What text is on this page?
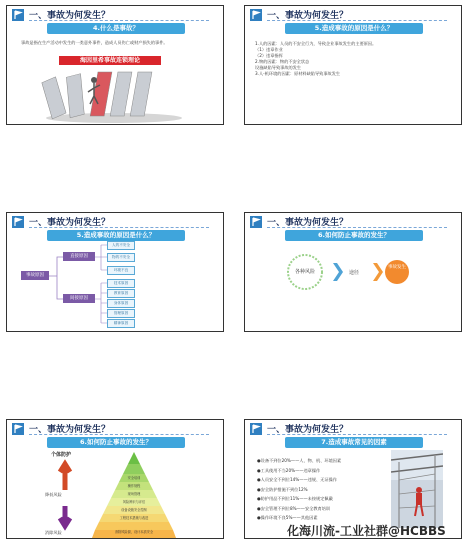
一、事故为何发生？
4.什么是事故？
事故是指在生产活动中发生的一类意外事件，造成人员伤亡或财产损失的事件。
海因里希事故连锁理论
一、事故为何发生？
5.造成事故的原因是什么？
1.人的因素：人员的不安全行为，导致企业事故发生的主要原因。
（1）违章作业
（2）违章指挥
2.物的因素：物的不安全状态
设施缺陷导致事故的发生
3.人-机环境的因素：原材料缺陷导致事故发生
一、事故为何发生？
5.造成事故的原因是什么？
事故原因
直接原因
间接原因
人的不安全
物的不安全
环境不良
技术原因
教育原因
身体原因
管理原因
精神原因
一、事故为何发生？
6.如何防止事故的发生？
各种风险	途径
事故发生
一、事故为何发生？
6.如何防止事故的发生？
个体防护
降低风险
消除风险
安全培训
操作规程
现场管理
风险辨识与评估
设备设施安全控制
工程技术措施与改进
消除风险源，设计本质安全
一、事故为何发生？
7.造成事故常见的因素
●设备不到位20%——人、物、机、环境因素
●工具使用不当20%——违章操作
●人员安全不到位14%——违规、无证操作
●安全防护措施不到位12%
●防护用品不到位11%——未按规定佩戴
●安全管理不到位8%——安全教育培训
●操作环境不良5%——其他因素
化海川流-工业社群@HCBBS
